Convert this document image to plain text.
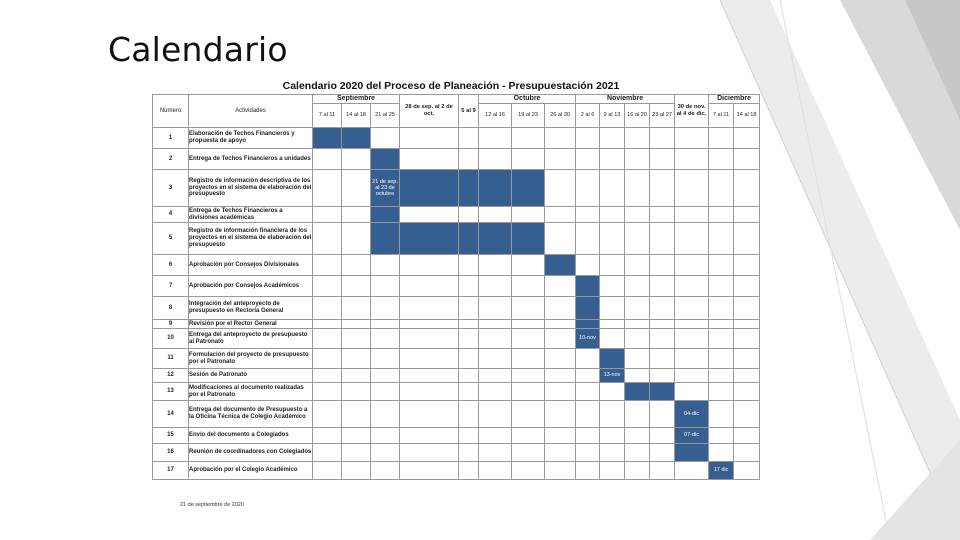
Calendario
Calendario 2020 del Proceso de Planeación - Presupuestación 2021
Número	Actividades	Septiembre			28 de sep. al 2 de oct.	5 al 9	Octubre			Noviembre				30 de nov. al 4 de dic.	Diciembre	
		7 al 11	14 al 18	21 al 25			12 al 16	19 al 23	26 al 30	2 al 6	9 al 13	16 al 20	23 al 27		7 al 11	14 al 18
1	Elaboración de Techos Financieros y propuesta de apoyo															
2	Entrega de Techos Financieros a unidades															
3	Registro de información descriptiva de los proyectos en el sistema de elaboración del presupuesto			21 de sep. al 23 de octubre												
4	Entrega de Techos Financieros a divisiones académicas															
5	Registro de información financiera de los proyectos en el sistema de elaboración del presupuesto															
6	Aprobación por Consejos Divisionales															
7	Aprobación por Consejos Académicos															
8	Integración del anteproyecto de presupuesto en Rectoría General															
9	Revisión por el Rector General															
10	Entrega del anteproyecto de presupuesto al Patronato									10-nov						
11	Formulación del proyecto de presupuesto por el Patronato															
12	Sesión de Patronato										13-nov					
13	Modificaciones al documento realizadas por el Patronato															
14	Entrega del documento de Presupuesto a la Oficina Técnica de Colegio Académico													04-dic		
15	Envío del documento a Colegiados													07-dic		
16	Reunión de coordinadores con Colegiados															
17	Aprobación por el Colegio Académico														17 dic	
21 de septiembre de 2020
